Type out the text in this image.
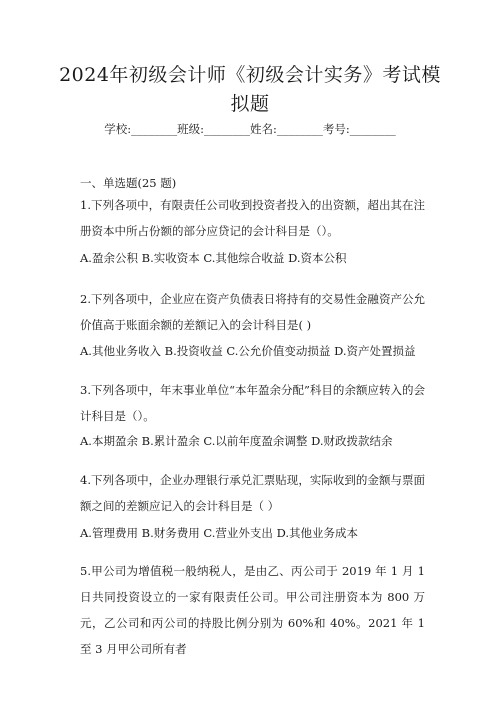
2024年初级会计师《初级会计实务》考试模
拟题
学校:________班级:________姓名:________考号:________
一、单选题(25 题)
1.下列各项中，有限责任公司收到投资者投入的出资额，超出其在注册资本中所占份额的部分应贷记的会计科目是（）。
A.盈余公积 B.实收资本 C.其他综合收益 D.资本公积
2.下列各项中，企业应在资产负债表日将持有的交易性金融资产公允价值高于账面余额的差额记入的会计科目是( )
A.其他业务收入 B.投资收益 C.公允价值变动损益 D.资产处置损益
3.下列各项中，年末事业单位“本年盈余分配”科目的余额应转入的会计科目是（）。
A.本期盈余 B.累计盈余 C.以前年度盈余调整 D.财政拨款结余
4.下列各项中，企业办理银行承兑汇票贴现，实际收到的金额与票面额之间的差额应记入的会计科目是（ ）
A.管理费用 B.财务费用 C.营业外支出 D.其他业务成本
5.甲公司为增值税一般纳税人，是由乙、丙公司于 2019 年 1 月 1 日共同投资设立的一家有限责任公司。甲公司注册资本为 800 万元，乙公司和丙公司的持股比例分别为 60%和 40%。2021 年 1 至 3 月甲公司所有者
